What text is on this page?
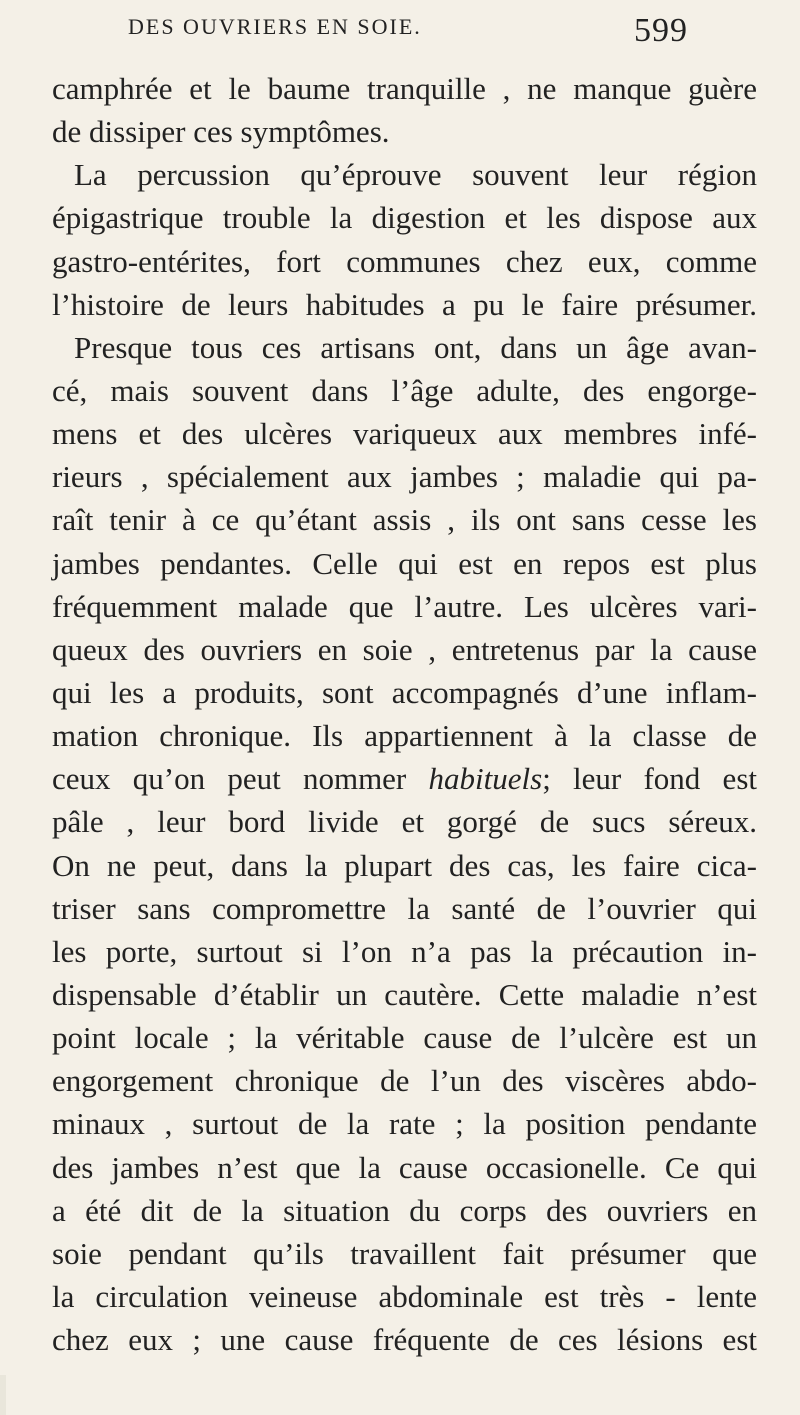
DES OUVRIERS EN SOIE.	599
camphrée et le baume tranquille , ne manque guère
de dissiper ces symptômes.
La percussion qu’éprouve souvent leur région
épigastrique trouble la digestion et les dispose aux
gastro-entérites, fort communes chez eux, comme
l’histoire de leurs habitudes a pu le faire présumer.
Presque tous ces artisans ont, dans un âge avan-
cé, mais souvent dans l’âge adulte, des engorge-
mens et des ulcères variqueux aux membres infé-
rieurs , spécialement aux jambes ; maladie qui pa-
raît tenir à ce qu’étant assis , ils ont sans cesse les
jambes pendantes. Celle qui est en repos est plus
fréquemment malade que l’autre. Les ulcères vari-
queux des ouvriers en soie , entretenus par la cause
qui les a produits, sont accompagnés d’une inflam-
mation chronique. Ils appartiennent à la classe de
ceux qu’on peut nommer habituels; leur fond est
pâle , leur bord livide et gorgé de sucs séreux.
On ne peut, dans la plupart des cas, les faire cica-
triser sans compromettre la santé de l’ouvrier qui
les porte, surtout si l’on n’a pas la précaution in-
dispensable d’établir un cautère. Cette maladie n’est
point locale ; la véritable cause de l’ulcère est un
engorgement chronique de l’un des viscères abdo-
minaux , surtout de la rate ; la position pendante
des jambes n’est que la cause occasionelle. Ce qui
a été dit de la situation du corps des ouvriers en
soie pendant qu’ils travaillent fait présumer que
la circulation veineuse abdominale est très - lente
chez eux ; une cause fréquente de ces lésions est
